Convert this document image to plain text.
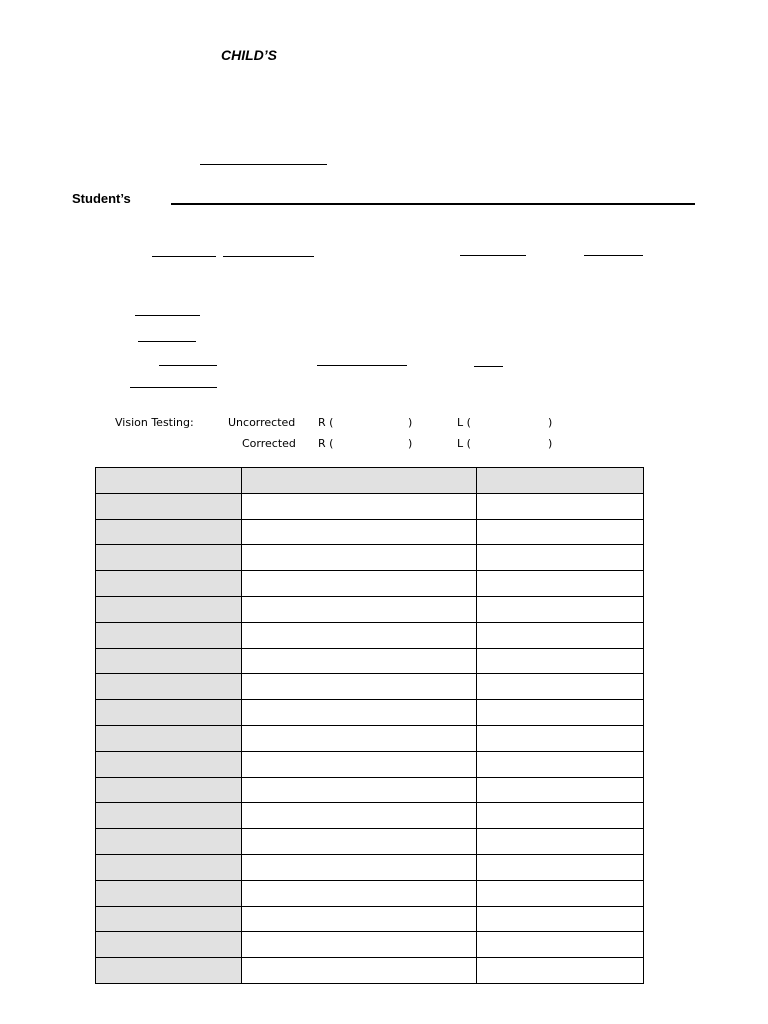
CHILD’S
Student’s
Vision Testing:	Uncorrected R (	)	L (	)
Corrected R (	)	L (	)
